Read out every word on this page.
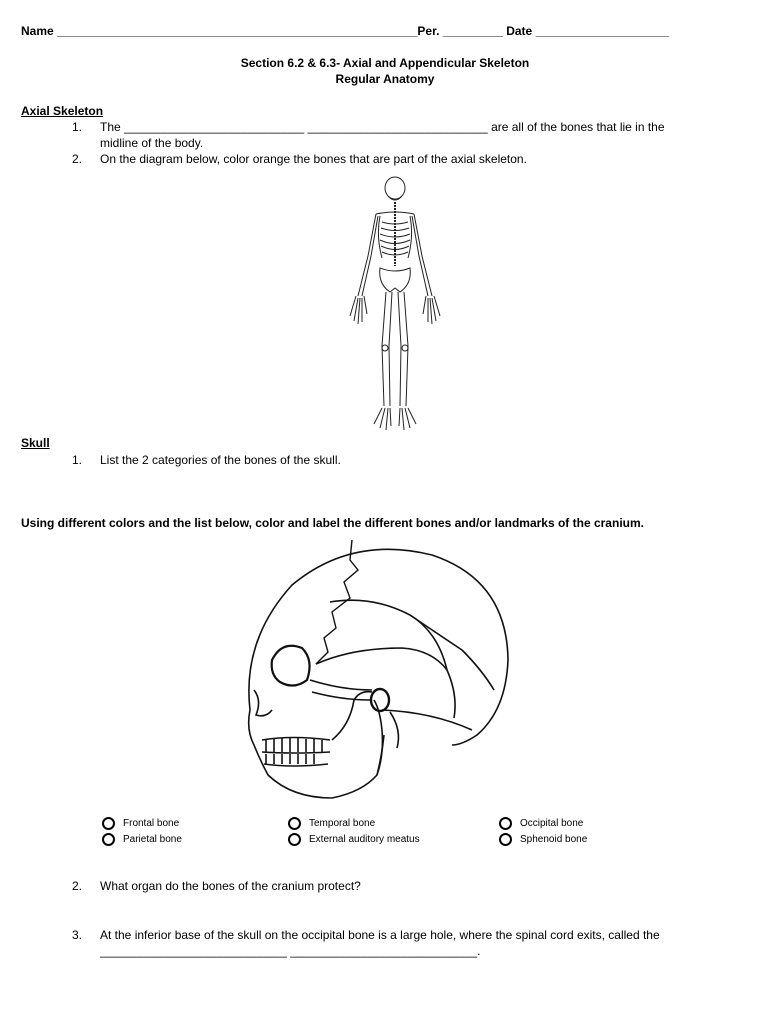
Name ______________________________________________________Per. _________ Date ____________________
Section 6.2 & 6.3- Axial and Appendicular Skeleton
Regular Anatomy
Axial Skeleton
1. The ___________________________ ___________________________ are all of the bones that lie in the
midline of the body.
2. On the diagram below, color orange the bones that are part of the axial skeleton.
Skull
1. List the 2 categories of the bones of the skull.
Using different colors and the list below, color and label the different bones and/or landmarks of the cranium.
Frontal bone
Parietal bone
Temporal bone
External auditory meatus
Occipital bone
Sphenoid bone
2. What organ do the bones of the cranium protect?
3. At the inferior base of the skull on the occipital bone is a large hole, where the spinal cord exits, called the
____________________________ ____________________________.
